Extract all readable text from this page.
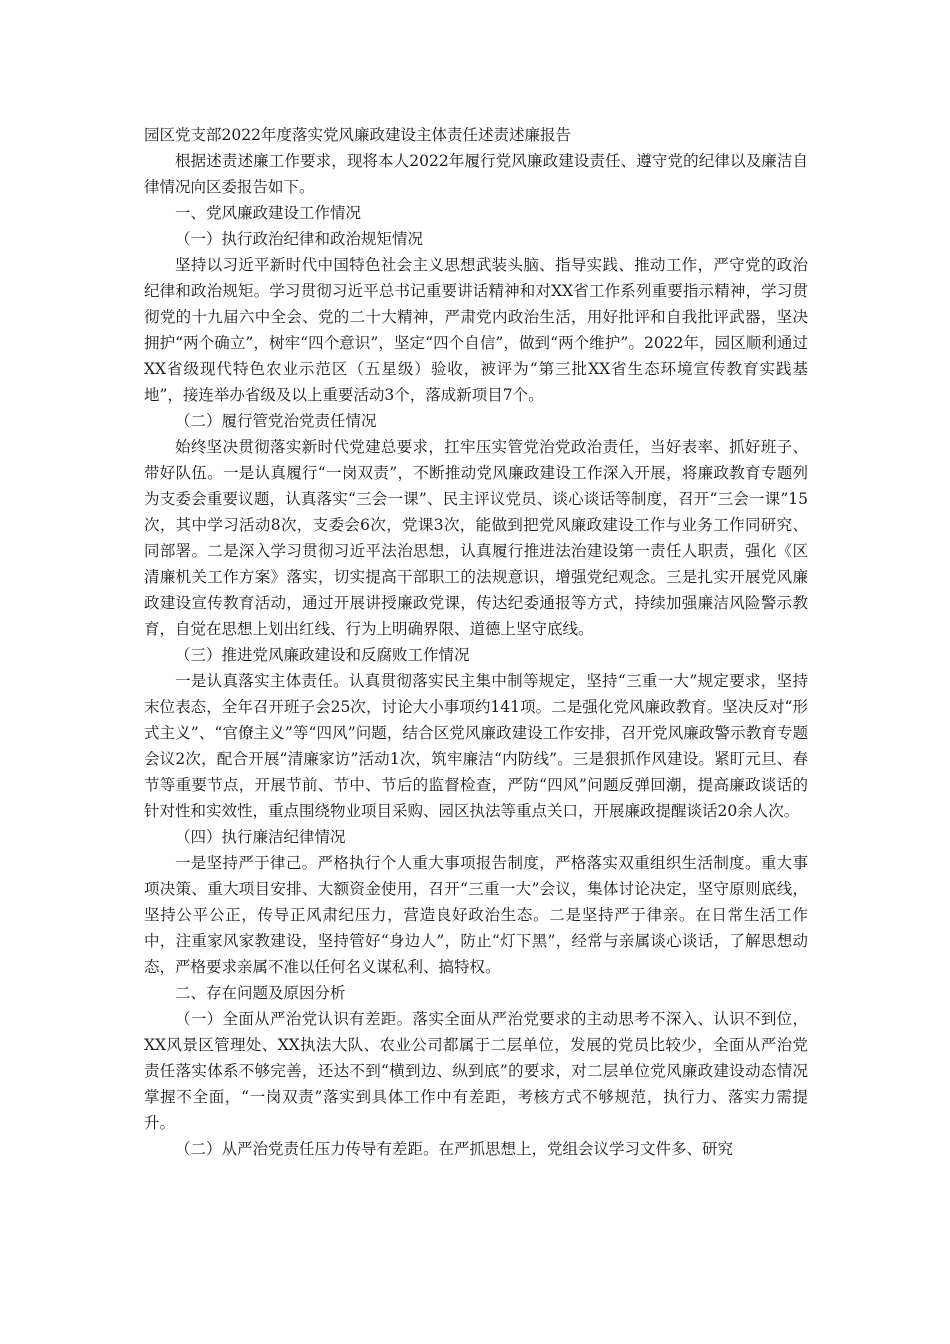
园区党支部2022年度落实党风廉政建设主体责任述责述廉报告

根据述责述廉工作要求，现将本人2022年履行党风廉政建设责任、遵守党的纪律以及廉洁自律情况向区委报告如下。

一、党风廉政建设工作情况

（一）执行政治纪律和政治规矩情况

坚持以习近平新时代中国特色社会主义思想武装头脑、指导实践、推动工作，严守党的政治纪律和政治规矩。学习贯彻习近平总书记重要讲话精神和对XX省工作系列重要指示精神，学习贯彻党的十九届六中全会、党的二十大精神，严肃党内政治生活，用好批评和自我批评武器，坚决拥护“两个确立”，树牢“四个意识”，坚定“四个自信”，做到“两个维护”。2022年，园区顺利通过XX省级现代特色农业示范区（五星级）验收，被评为“第三批XX省生态环境宣传教育实践基地”，接连举办省级及以上重要活动3个，落成新项目7个。

（二）履行管党治党责任情况

始终坚决贯彻落实新时代党建总要求，扛牢压实管党治党政治责任，当好表率、抓好班子、带好队伍。一是认真履行“一岗双责”，不断推动党风廉政建设工作深入开展，将廉政教育专题列为支委会重要议题，认真落实“三会一课”、民主评议党员、谈心谈话等制度，召开“三会一课”15次，其中学习活动8次，支委会6次，党课3次，能做到把党风廉政建设工作与业务工作同研究、同部署。二是深入学习贯彻习近平法治思想，认真履行推进法治建设第一责任人职责，强化《区清廉机关工作方案》落实，切实提高干部职工的法规意识，增强党纪观念。三是扎实开展党风廉政建设宣传教育活动，通过开展讲授廉政党课，传达纪委通报等方式，持续加强廉洁风险警示教育，自觉在思想上划出红线、行为上明确界限、道德上坚守底线。

（三）推进党风廉政建设和反腐败工作情况

一是认真落实主体责任。认真贯彻落实民主集中制等规定，坚持“三重一大”规定要求，坚持末位表态，全年召开班子会25次，讨论大小事项约141项。二是强化党风廉政教育。坚决反对“形式主义”、“官僚主义”等“四风”问题，结合区党风廉政建设工作安排，召开党风廉政警示教育专题会议2次，配合开展“清廉家访”活动1次，筑牢廉洁“内防线”。三是狠抓作风建设。紧盯元旦、春节等重要节点，开展节前、节中、节后的监督检查，严防“四风”问题反弹回潮，提高廉政谈话的针对性和实效性，重点围绕物业项目采购、园区执法等重点关口，开展廉政提醒谈话20余人次。

（四）执行廉洁纪律情况

一是坚持严于律己。严格执行个人重大事项报告制度，严格落实双重组织生活制度。重大事项决策、重大项目安排、大额资金使用，召开“三重一大”会议，集体讨论决定，坚守原则底线，坚持公平公正，传导正风肃纪压力，营造良好政治生态。二是坚持严于律亲。在日常生活工作中，注重家风家教建设，坚持管好“身边人”，防止“灯下黑”，经常与亲属谈心谈话，了解思想动态，严格要求亲属不准以任何名义谋私利、搞特权。

二、存在问题及原因分析

（一）全面从严治党认识有差距。落实全面从严治党要求的主动思考不深入、认识不到位，XX风景区管理处、XX执法大队、农业公司都属于二层单位，发展的党员比较少，全面从严治党责任落实体系不够完善，还达不到“横到边、纵到底”的要求，对二层单位党风廉政建设动态情况掌握不全面，“一岗双责”落实到具体工作中有差距，考核方式不够规范，执行力、落实力需提升。

（二）从严治党责任压力传导有差距。在严抓思想上，党组会议学习文件多、研究
